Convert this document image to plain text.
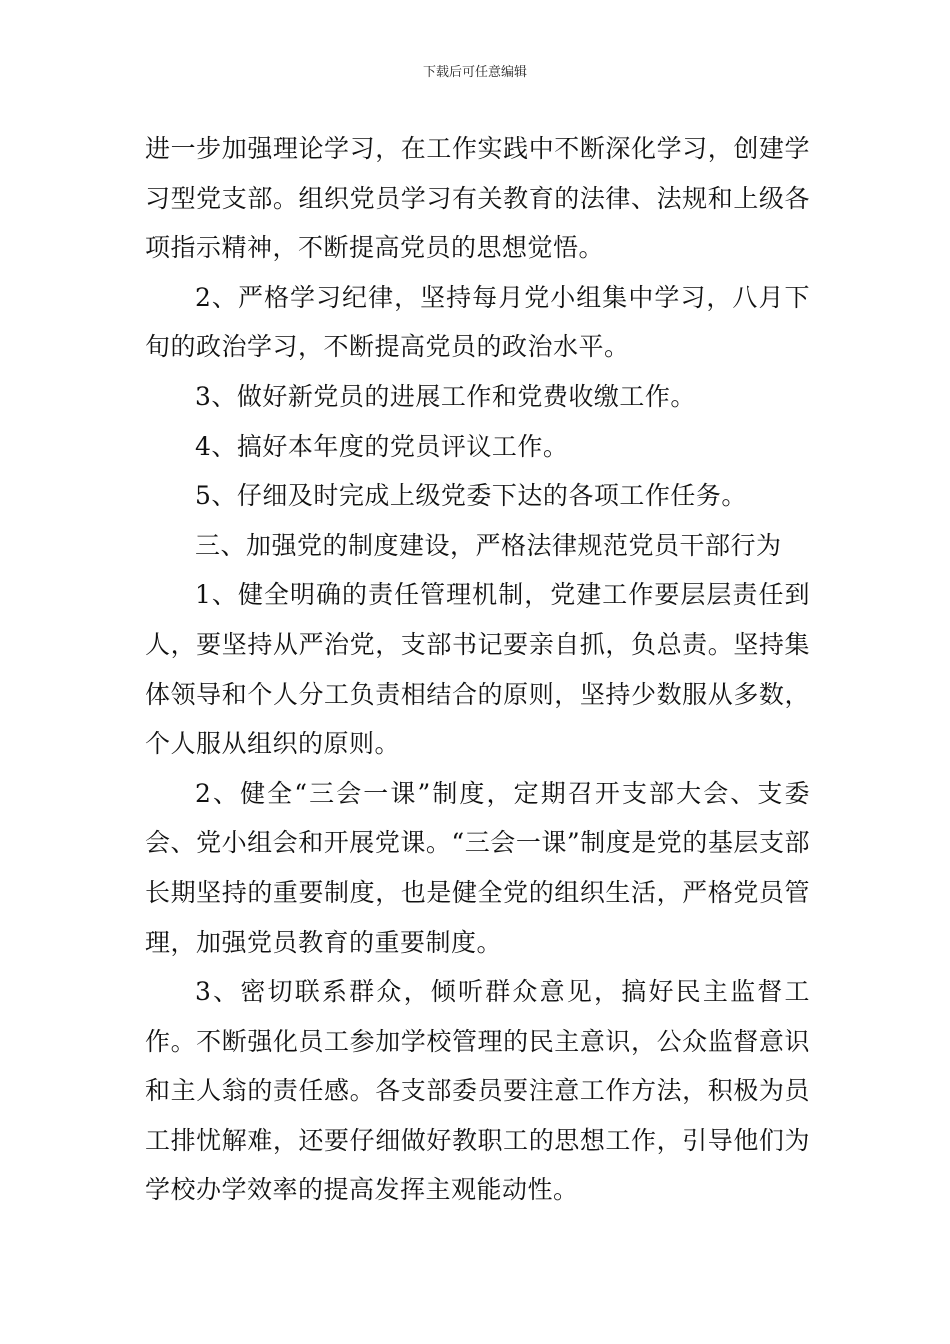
下载后可任意编辑

进一步加强理论学习，在工作实践中不断深化学习，创建学习型党支部。组织党员学习有关教育的法律、法规和上级各项指示精神，不断提高党员的思想觉悟。

2、严格学习纪律，坚持每月党小组集中学习，八月下旬的政治学习，不断提高党员的政治水平。

3、做好新党员的进展工作和党费收缴工作。

4、搞好本年度的党员评议工作。

5、仔细及时完成上级党委下达的各项工作任务。

三、加强党的制度建设，严格法律规范党员干部行为

1、健全明确的责任管理机制，党建工作要层层责任到人，要坚持从严治党，支部书记要亲自抓，负总责。坚持集体领导和个人分工负责相结合的原则，坚持少数服从多数，个人服从组织的原则。

2、健全“三会一课”制度，定期召开支部大会、支委会、党小组会和开展党课。“三会一课”制度是党的基层支部长期坚持的重要制度，也是健全党的组织生活，严格党员管理，加强党员教育的重要制度。

3、密切联系群众，倾听群众意见，搞好民主监督工作。不断强化员工参加学校管理的民主意识，公众监督意识和主人翁的责任感。各支部委员要注意工作方法，积极为员工排忧解难，还要仔细做好教职工的思想工作，引导他们为学校办学效率的提高发挥主观能动性。
